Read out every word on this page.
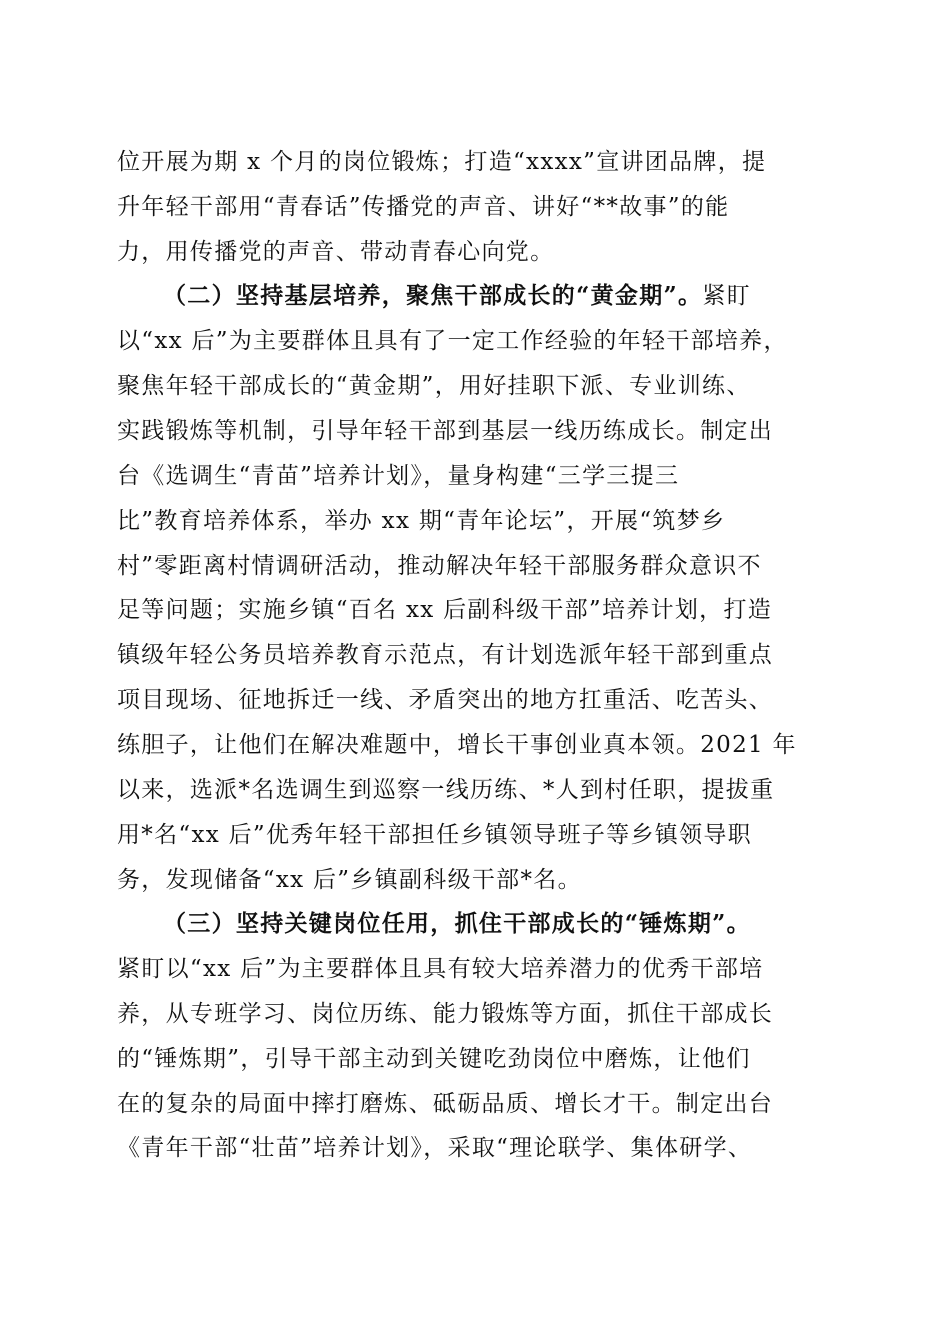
位开展为期 x 个月的岗位锻炼；打造“xxxx”宣讲团品牌，提
升年轻干部用“青春话”传播党的声音、讲好“**故事”的能
力，用传播党的声音、带动青春心向党。
（二）坚持基层培养，聚焦干部成长的“黄金期”。紧盯
以“xx 后”为主要群体且具有了一定工作经验的年轻干部培养，
聚焦年轻干部成长的“黄金期”，用好挂职下派、专业训练、
实践锻炼等机制，引导年轻干部到基层一线历练成长。制定出
台《选调生“青苗”培养计划》，量身构建“三学三提三
比”教育培养体系，举办 xx 期“青年论坛”，开展“筑梦乡
村”零距离村情调研活动，推动解决年轻干部服务群众意识不
足等问题；实施乡镇“百名 xx 后副科级干部”培养计划，打造
镇级年轻公务员培养教育示范点，有计划选派年轻干部到重点
项目现场、征地拆迁一线、矛盾突出的地方扛重活、吃苦头、
练胆子，让他们在解决难题中，增长干事创业真本领。2021 年
以来，选派*名选调生到巡察一线历练、*人到村任职，提拔重
用*名“xx 后”优秀年轻干部担任乡镇领导班子等乡镇领导职
务，发现储备“xx 后”乡镇副科级干部*名。
（三）坚持关键岗位任用，抓住干部成长的“锤炼期”。
紧盯以“xx 后”为主要群体且具有较大培养潜力的优秀干部培
养，从专班学习、岗位历练、能力锻炼等方面，抓住干部成长
的“锤炼期”，引导干部主动到关键吃劲岗位中磨炼，让他们
在的复杂的局面中摔打磨炼、砥砺品质、增长才干。制定出台
《青年干部“壮苗”培养计划》，采取“理论联学、集体研学、
